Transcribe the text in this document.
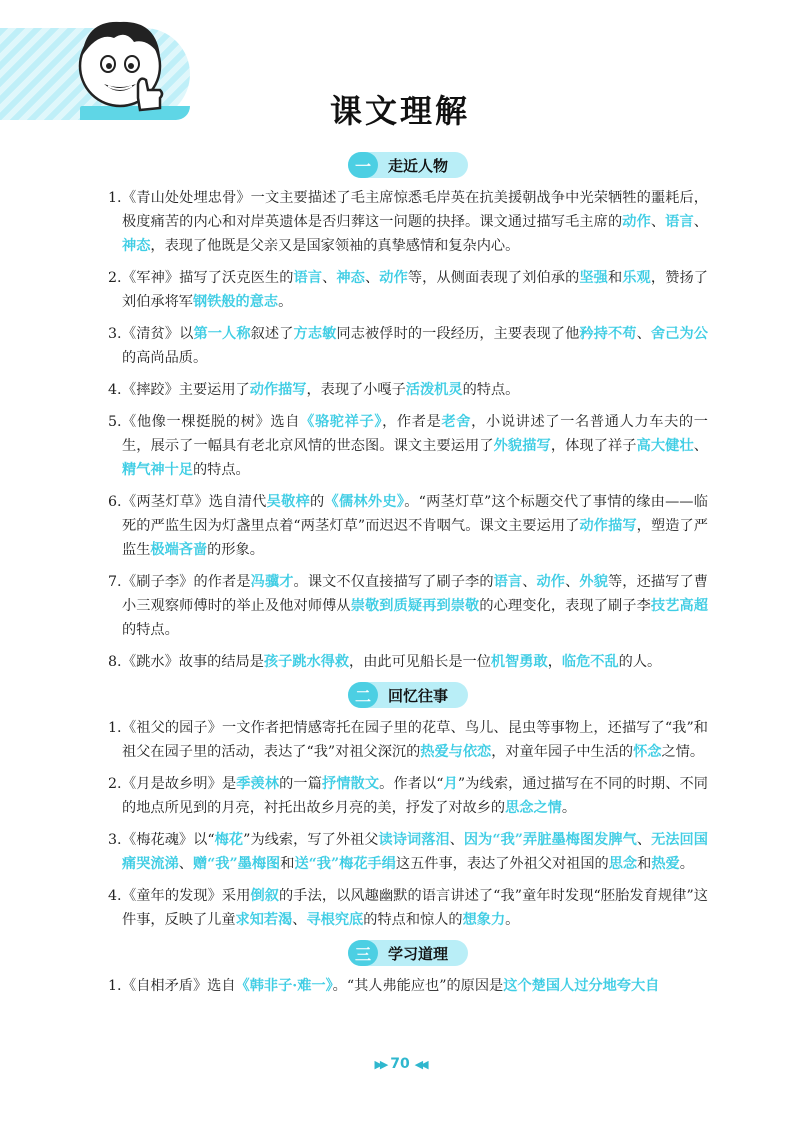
课文理解
一	走近人物
1. 《青山处处埋忠骨》一文主要描述了毛主席惊悉毛岸英在抗美援朝战争中光荣牺牲的噩耗后，极度痛苦的内心和对岸英遗体是否归葬这一问题的抉择。课文通过描写毛主席的动作、语言、神态，表现了他既是父亲又是国家领袖的真挚感情和复杂内心。
2. 《军神》描写了沃克医生的语言、神态、动作等，从侧面表现了刘伯承的坚强和乐观，赞扬了刘伯承将军钢铁般的意志。
3. 《清贫》以第一人称叙述了方志敏同志被俘时的一段经历，主要表现了他矜持不苟、舍己为公的高尚品质。
4. 《摔跤》主要运用了动作描写，表现了小嘎子活泼机灵的特点。
5. 《他像一棵挺脱的树》选自《骆驼祥子》，作者是老舍，小说讲述了一名普通人力车夫的一生，展示了一幅具有老北京风情的世态图。课文主要运用了外貌描写，体现了祥子高大健壮、精气神十足的特点。
6. 《两茎灯草》选自清代吴敬梓的《儒林外史》。“两茎灯草”这个标题交代了事情的缘由——临死的严监生因为灯盏里点着“两茎灯草”而迟迟不肯咽气。课文主要运用了动作描写，塑造了严监生极端吝啬的形象。
7. 《刷子李》的作者是冯骥才。课文不仅直接描写了刷子李的语言、动作、外貌等，还描写了曹小三观察师傅时的举止及他对师傅从崇敬到质疑再到崇敬的心理变化，表现了刷子李技艺高超的特点。
8. 《跳水》故事的结局是孩子跳水得救，由此可见船长是一位机智勇敢，临危不乱的人。
二	回忆往事
1. 《祖父的园子》一文作者把情感寄托在园子里的花草、鸟儿、昆虫等事物上，还描写了“我”和祖父在园子里的活动，表达了“我”对祖父深沉的热爱与依恋，对童年园子中生活的怀念之情。
2. 《月是故乡明》是季羡林的一篇抒情散文。作者以“月”为线索，通过描写在不同的时期、不同的地点所见到的月亮，衬托出故乡月亮的美，抒发了对故乡的思念之情。
3. 《梅花魂》以“梅花”为线索，写了外祖父读诗词落泪、因为“我”弄脏墨梅图发脾气、无法回国痛哭流涕、赠“我”墨梅图和送“我”梅花手绢这五件事，表达了外祖父对祖国的思念和热爱。
4. 《童年的发现》采用倒叙的手法，以风趣幽默的语言讲述了“我”童年时发现“胚胎发育规律”这件事，反映了儿童求知若渴、寻根究底的特点和惊人的想象力。
三	学习道理
1. 《自相矛盾》选自《韩非子·难一》。“其人弗能应也”的原因是这个楚国人过分地夸大自
▶▶ 70 ◀◀
